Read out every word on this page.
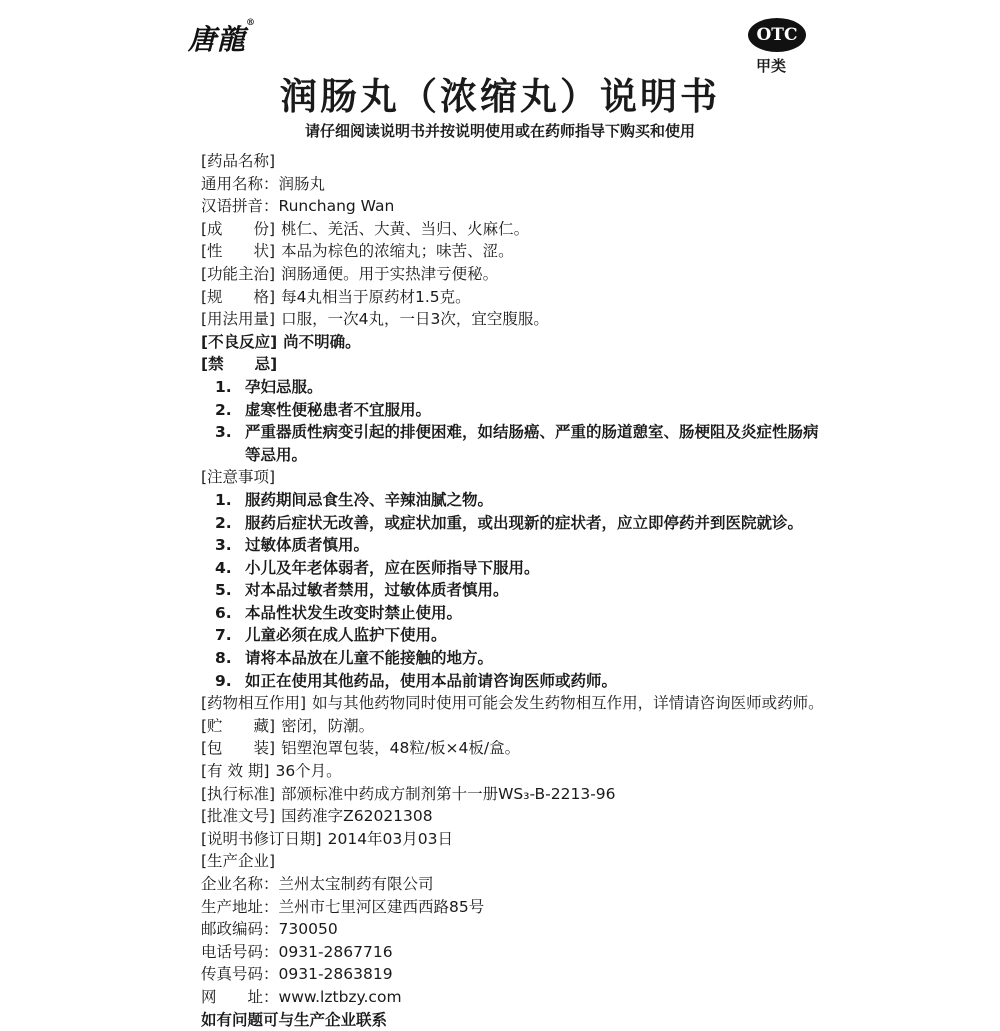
唐龍®
OTC
甲类
润肠丸（浓缩丸）说明书
请仔细阅读说明书并按说明使用或在药师指导下购买和使用
[药品名称]
通用名称： 润肠丸
汉语拼音： Runchang Wan
[成　　份] 桃仁、羌活、大黄、当归、火麻仁。
[性　　状] 本品为棕色的浓缩丸；味苦、涩。
[功能主治] 润肠通便。用于实热津亏便秘。
[规　　格] 每4丸相当于原药材1.5克。
[用法用量] 口服，一次4丸，一日3次，宜空腹服。
[不良反应] 尚不明确。
[禁　　忌]
1. 孕妇忌服。
2. 虚寒性便秘患者不宜服用。
3. 严重器质性病变引起的排便困难，如结肠癌、严重的肠道憩室、肠梗阻及炎症性肠病等忌用。
[注意事项]
1. 服药期间忌食生冷、辛辣油腻之物。
2. 服药后症状无改善，或症状加重，或出现新的症状者，应立即停药并到医院就诊。
3. 过敏体质者慎用。
4. 小儿及年老体弱者，应在医师指导下服用。
5. 对本品过敏者禁用，过敏体质者慎用。
6. 本品性状发生改变时禁止使用。
7. 儿童必须在成人监护下使用。
8. 请将本品放在儿童不能接触的地方。
9. 如正在使用其他药品，使用本品前请咨询医师或药师。
[药物相互作用] 如与其他药物同时使用可能会发生药物相互作用，详情请咨询医师或药师。
[贮　　藏] 密闭，防潮。
[包　　装] 铝塑泡罩包装，48粒/板×4板/盒。
[有 效 期] 36个月。
[执行标准] 部颁标准中药成方制剂第十一册WS₃-B-2213-96
[批准文号] 国药准字Z62021308
[说明书修订日期] 2014年03月03日
[生产企业]
企业名称： 兰州太宝制药有限公司
生产地址： 兰州市七里河区建西西路85号
邮政编码： 730050
电话号码： 0931-2867716
传真号码： 0931-2863819
网　　址： www.lztbzy.com
如有问题可与生产企业联系
